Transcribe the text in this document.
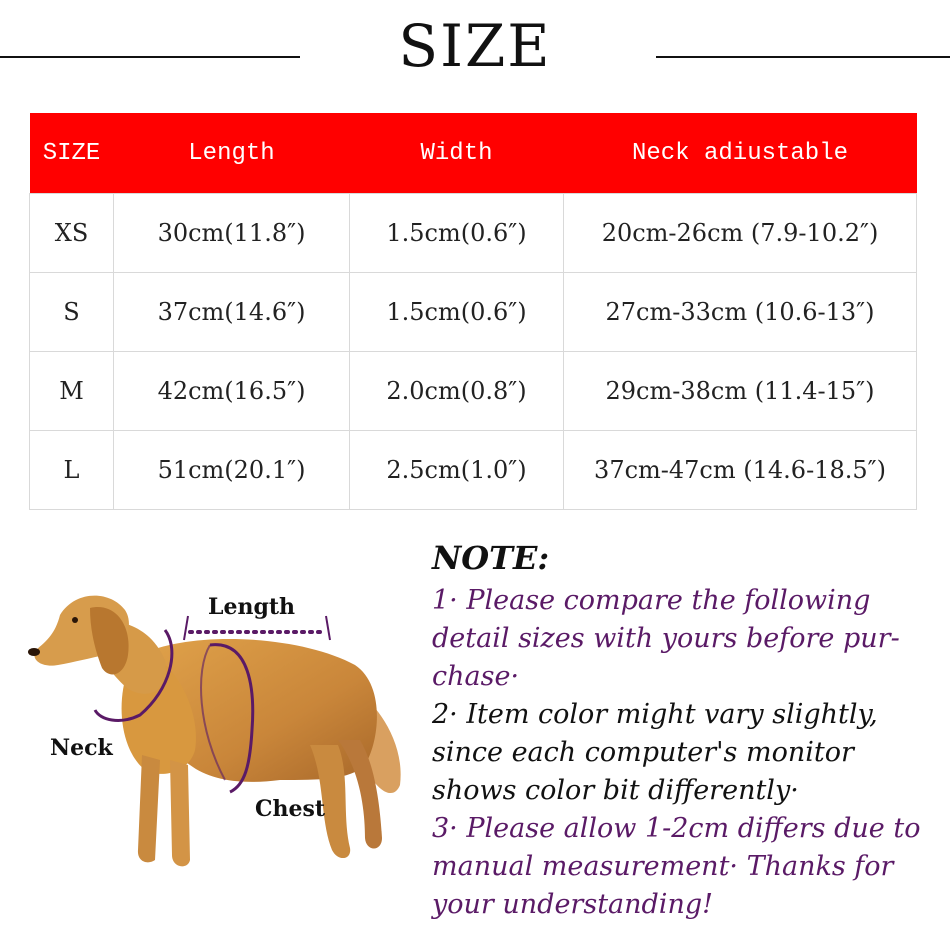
SIZE
SIZE	Length	Width	Neck adiustable
XS	30cm(11.8″)	1.5cm(0.6″)	20cm-26cm (7.9-10.2″)
S	37cm(14.6″)	1.5cm(0.6″)	27cm-33cm (10.6-13″)
M	42cm(16.5″)	2.0cm(0.8″)	29cm-38cm (11.4-15″)
L	51cm(20.1″)	2.5cm(1.0″)	37cm-47cm (14.6-18.5″)
Length
Neck
Chest
NOTE:

1· Please compare the following detail sizes with yours before pur-chase·

2· Item color might vary slightly, since each computer's monitor shows color bit differently·

3· Please allow 1-2cm differs due to manual measurement· Thanks for your understanding!
